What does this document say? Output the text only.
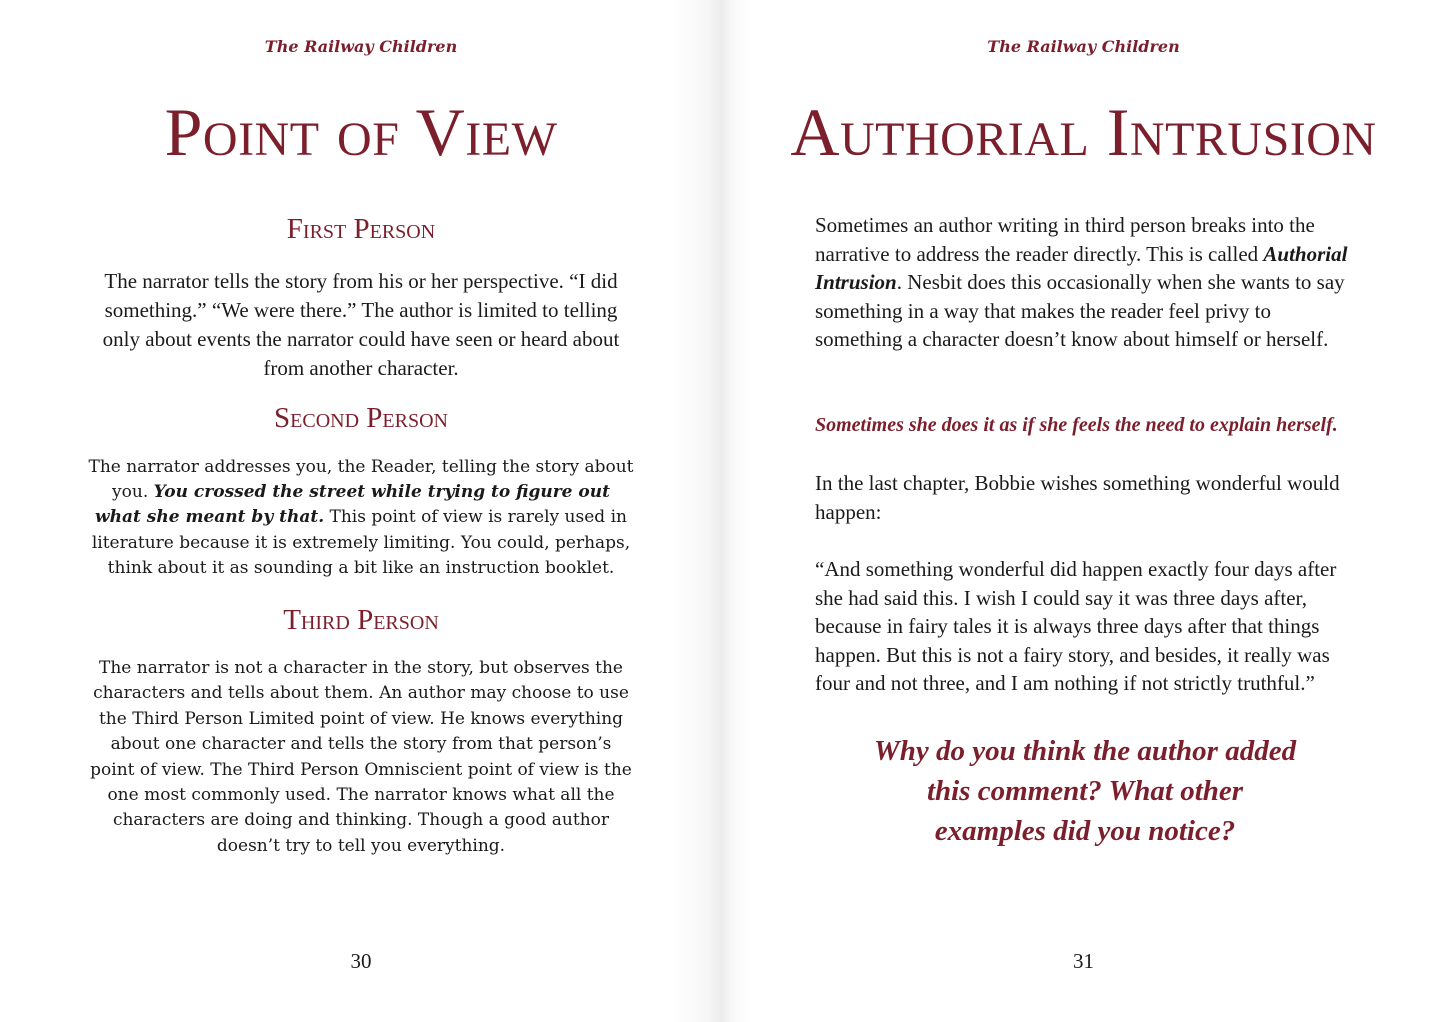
The Railway Children
Point of View
First Person
The narrator tells the story from his or her perspective. “I did something.” “We were there.” The author is limited to telling only about events the narrator could have seen or heard about from another character.
Second Person
The narrator addresses you, the Reader, telling the story about you. You crossed the street while trying to figure out what she meant by that. This point of view is rarely used in literature because it is extremely limiting. You could, perhaps, think about it as sounding a bit like an instruction booklet.
Third Person
The narrator is not a character in the story, but observes the characters and tells about them. An author may choose to use the Third Person Limited point of view. He knows everything about one character and tells the story from that person’s point of view. The Third Person Omniscient point of view is the one most commonly used. The narrator knows what all the characters are doing and thinking. Though a good author doesn’t try to tell you everything.
30
The Railway Children
Authorial Intrusion
Sometimes an author writing in third person breaks into the narrative to address the reader directly. This is called Authorial Intrusion. Nesbit does this occasionally when she wants to say something in a way that makes the reader feel privy to something a character doesn’t know about himself or herself.
Sometimes she does it as if she feels the need to explain herself.
In the last chapter, Bobbie wishes something wonderful would happen:
“And something wonderful did happen exactly four days after she had said this. I wish I could say it was three days after, because in fairy tales it is always three days after that things happen. But this is not a fairy story, and besides, it really was four and not three, and I am nothing if not strictly truthful.”
Why do you think the author added
this comment? What other
examples did you notice?
31
